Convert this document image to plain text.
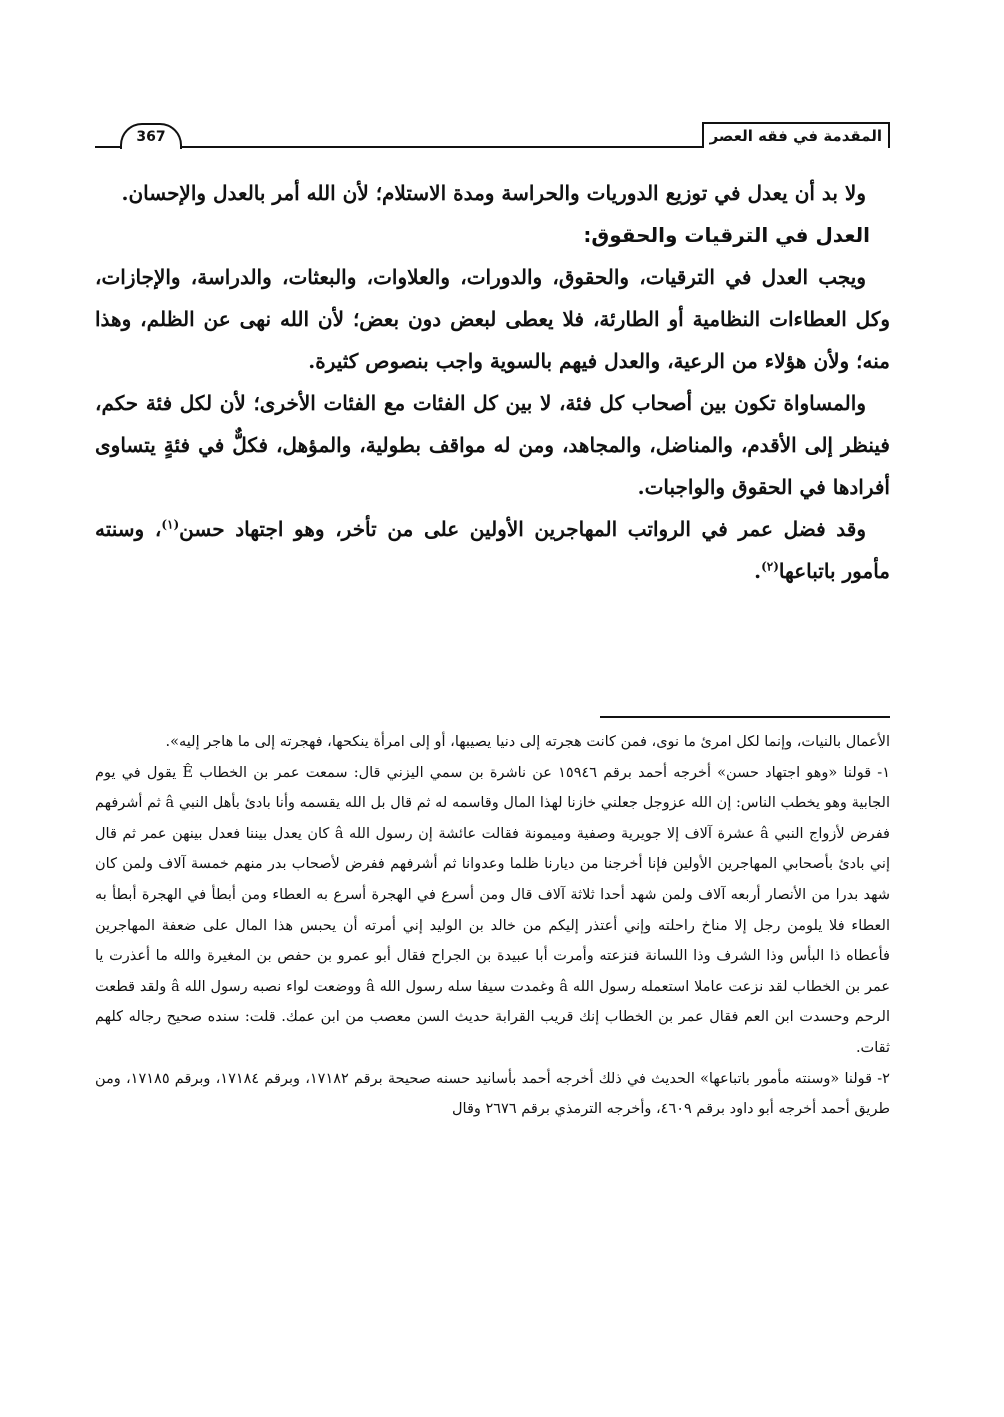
المقدمة في فقه العصر
367

ولا بد أن يعدل في توزيع الدوريات والحراسة ومدة الاستلام؛ لأن الله أمر بالعدل والإحسان.

العدل في الترقيات والحقوق:

ويجب العدل في الترقيات، والحقوق، والدورات، والعلاوات، والبعثات، والدراسة، والإجازات، وكل العطاءات النظامية أو الطارئة، فلا يعطى لبعض دون بعض؛ لأن الله نهى عن الظلم، وهذا منه؛ ولأن هؤلاء من الرعية، والعدل فيهم بالسوية واجب بنصوص كثيرة.

والمساواة تكون بين أصحاب كل فئة، لا بين كل الفئات مع الفئات الأخرى؛ لأن لكل فئة حكم، فينظر إلى الأقدم، والمناضل، والمجاهد، ومن له مواقف بطولية، والمؤهل، فكلٌّ في فئةٍ يتساوى أفرادها في الحقوق والواجبات.

وقد فضل عمر في الرواتب المهاجرين الأولين على من تأخر، وهو اجتهاد حسن$^{(١)}$، وسنته مأمور باتباعها$^{(٢)}$.

الأعمال بالنيات، وإنما لكل امرئ ما نوى، فمن كانت هجرته إلى دنيا يصيبها، أو إلى امرأة ينكحها، فهجرته إلى ما هاجر إليه».

١- قولنا «وهو اجتهاد حسن» أخرجه أحمد برقم ١٥٩٤٦ عن ناشرة بن سمي اليزني قال: سمعت عمر بن الخطاب Ê يقول في يوم الجابية وهو يخطب الناس: إن الله عزوجل جعلني خازنا لهذا المال وقاسمه له ثم قال بل الله يقسمه وأنا بادئ بأهل النبي â ثم أشرفهم ففرض لأزواج النبي â عشرة آلاف إلا جويرية وصفية وميمونة فقالت عائشة إن رسول الله â كان يعدل بيننا فعدل بينهن عمر ثم قال إني بادئ بأصحابي المهاجرين الأولين فإنا أخرجنا من ديارنا ظلما وعدوانا ثم أشرفهم ففرض لأصحاب بدر منهم خمسة آلاف ولمن كان شهد بدرا من الأنصار أربعه آلاف ولمن شهد أحدا ثلاثة آلاف قال ومن أسرع في الهجرة أسرع به العطاء ومن أبطأ في الهجرة أبطأ به العطاء فلا يلومن رجل إلا مناخ راحلته وإني أعتذر إليكم من خالد بن الوليد إني أمرته أن يحبس هذا المال على ضعفة المهاجرين فأعطاه ذا البأس وذا الشرف وذا اللسانة فنزعته وأمرت أبا عبيدة بن الجراح فقال أبو عمرو بن حفص بن المغيرة والله ما أعذرت يا عمر بن الخطاب لقد نزعت عاملا استعمله رسول الله â وغمدت سيفا سله رسول الله â ووضعت لواء نصبه رسول الله â ولقد قطعت الرحم وحسدت ابن العم فقال عمر بن الخطاب إنك قريب القرابة حديث السن معصب من ابن عمك. قلت: سنده صحيح رجاله كلهم ثقات.

٢- قولنا «وسنته مأمور باتباعها» الحديث في ذلك أخرجه أحمد بأسانيد حسنه صحيحة برقم ١٧١٨٢، وبرقم ١٧١٨٤، وبرقم ١٧١٨٥، ومن طريق أحمد أخرجه أبو داود برقم ٤٦٠٩، وأخرجه الترمذي برقم ٢٦٧٦ وقال
